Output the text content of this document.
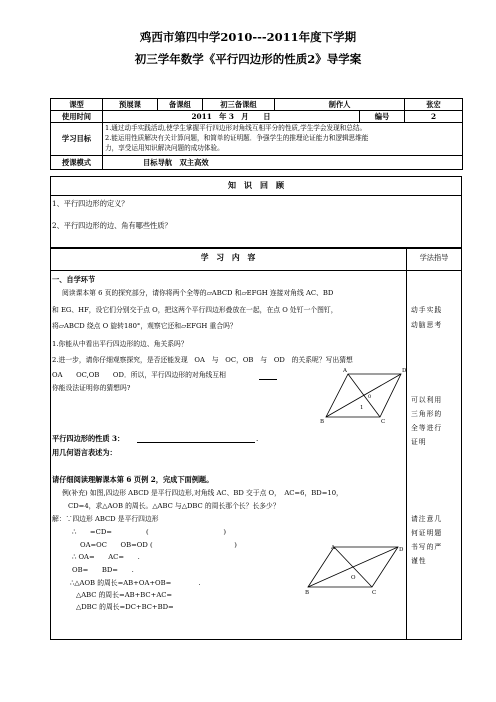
鸡西市第四中学2010---2011年度下学期
初三学年数学《平行四边形的性质2》导学案
课型	预展课	备课组	初三备课组	制作人		张宏
使用时间	2011　年 3　月　　日				编号	2
学习目标	1.通过动手实践活动,使学生掌握平行四边形对角线互相平分的性质,学生学会发现和总结。
2.能运用性质解决有关计算问题，和简单的证明题．争强学生的推理论证能力和逻辑思维能
力，享受运用知识解决问题的成功体验。					

授课模式	目标导航　双主高效					
知　识　回　顾
1、平行四边形的定义？
2、平行四边形的边、角有哪些性质？
学　习　内　容	学法指导
一、自学环节
阅读课本第 6 页的探究部分，请你将两个全等的▱ABCD 和▱EFGH 连接对角线 AC、BD
和 EG、HF，设它们分别交于点 O，把这两个平行四边形叠放在一起，在点 O 处钉一个图钉，
将▱ABCD 绕点 O 旋转180°，观察它还和▱EFGH 重合吗？
1.你能从中看出平行四边形的边、角关系吗？
2.进一步，请你仔细观察探究，是否还能发现　OA　与　OC，OB　与　OD　的关系呢？写出猜想
OA　　OC,OB　　OD．所以，平行四边形的对角线互相
你能设法证明你的猜想吗?
A	D
B	C
1
0
平行四边形的性质 3：	.
用几何语言表述为：
请仔细阅读理解课本第 6 页例 2，完成下面例题。
例(补充) 如图,四边形 ABCD 是平行四边形,对角线 AC、BD 交于点 O，　AC=6，BD=10，
CD=4，求△AOB 的周长。△ABC 与△DBC 的周长那个长？长多少？
解：∵四边形 ABCD 是平行四边形
∴　　=CD=　　　　　(　　　　　　　　　　　)
OA=OC　　OB=OD (　　　　　　　　　　　　)
∴ OA=　　AC=　　.
OB=　　BD=　　.
∴△AOB 的周长=AB+OA+OB=　　　　.
△ABC 的周长=AB+BC+AC=
△DBC 的周长=DC+BC+BD=
A	D
O
B	C
动手实践
动脑思考
可以利用
三角形的
全等进行
证明
请注意几
何证明题
书写的严
谨性
